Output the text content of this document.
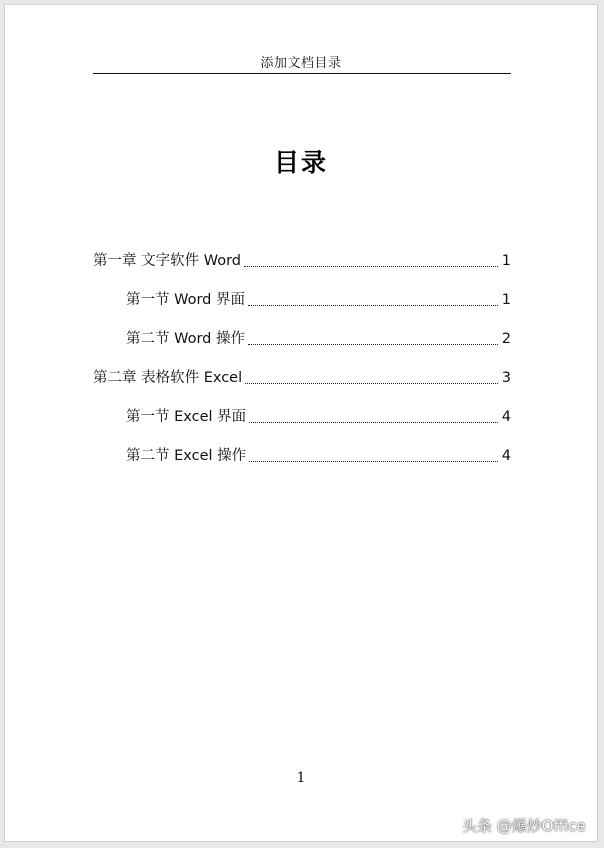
添加文档目录
目录
第一章 文字软件 Word	1
第一节 Word 界面	1
第二节 Word 操作	2
第二章 表格软件 Excel	3
第一节 Excel 界面	4
第二节 Excel 操作	4
1
头条 @爆炒Office
